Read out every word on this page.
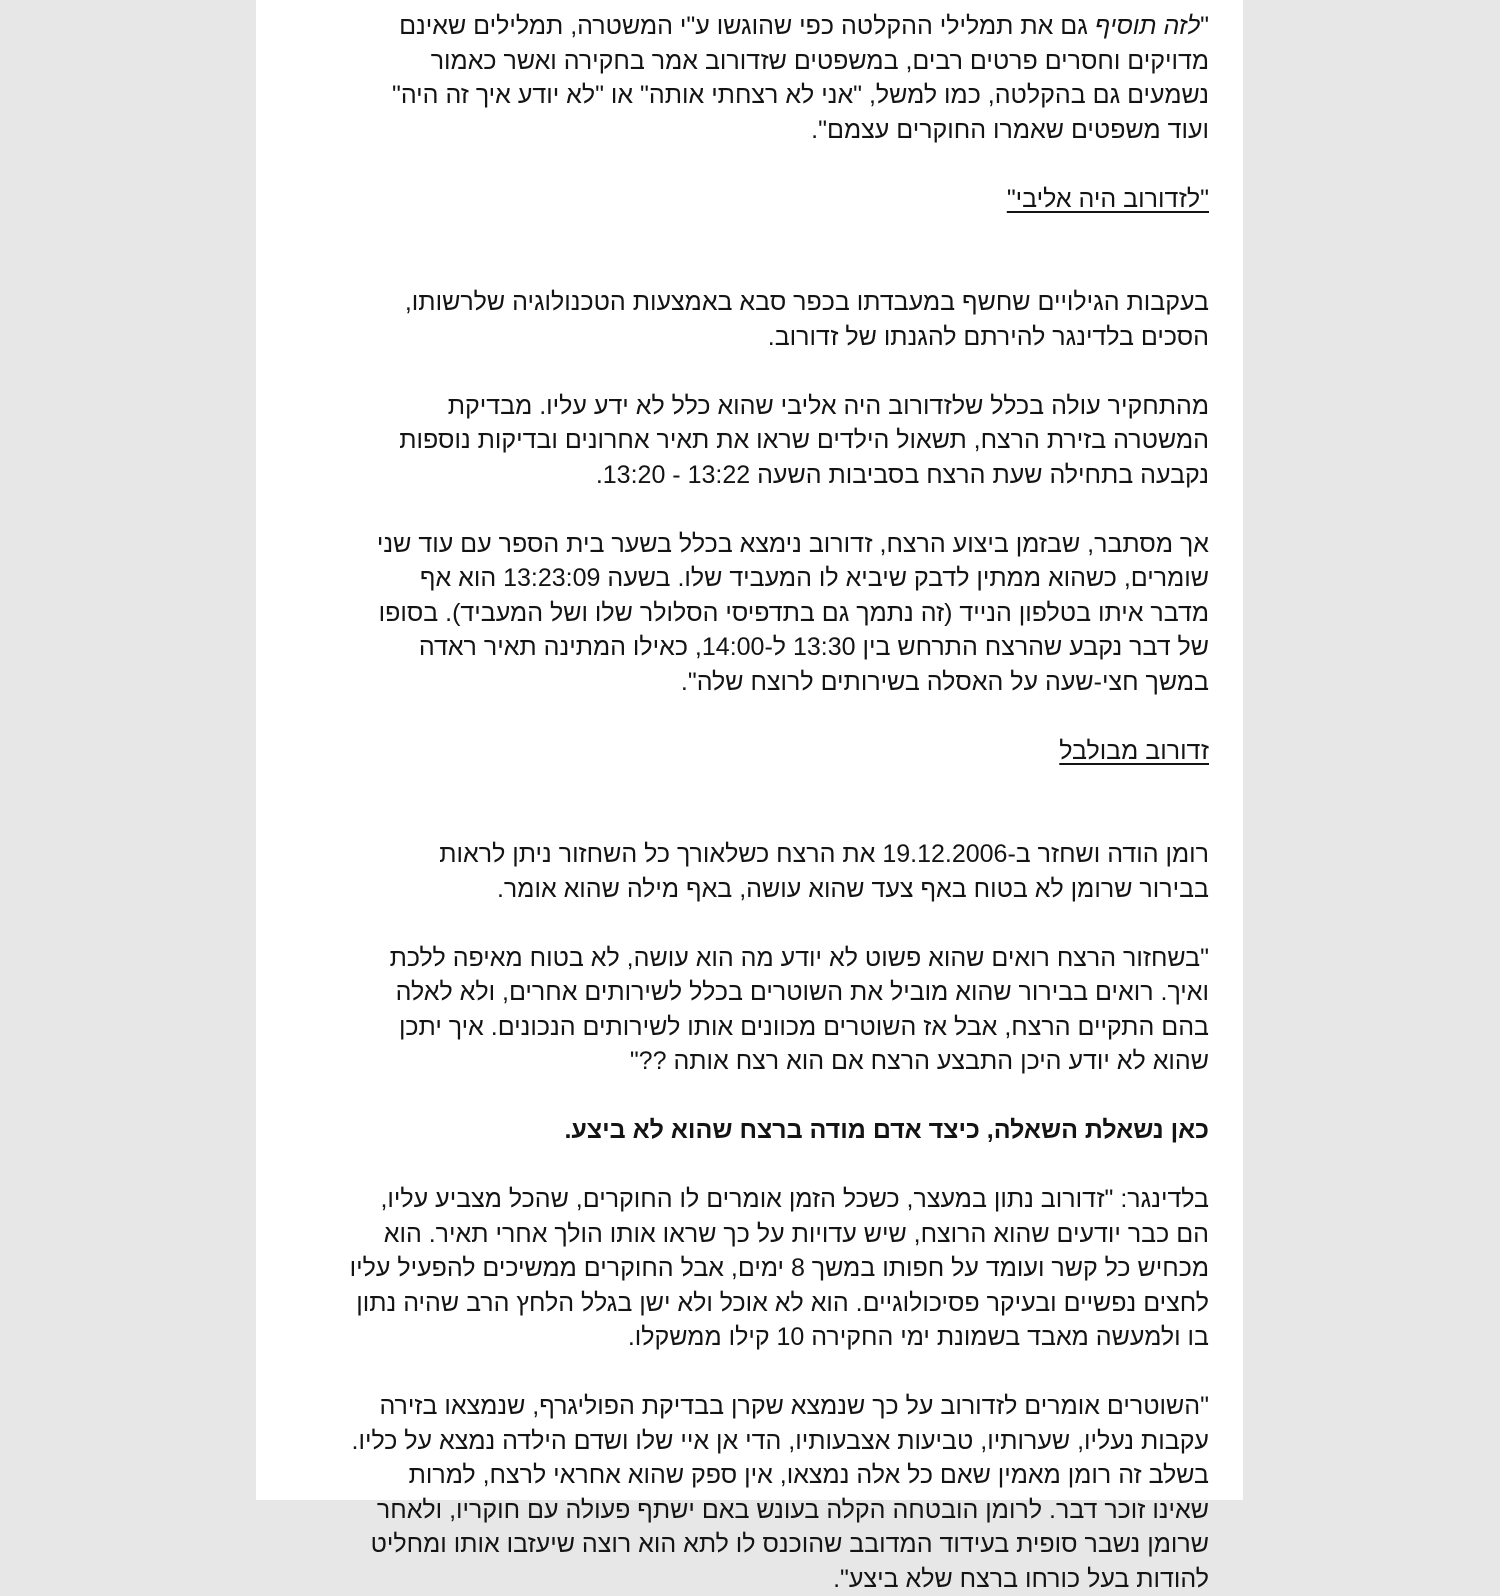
"לזה תוסיף גם את תמלילי ההקלטה כפי שהוגשו ע"י המשטרה, תמלילים שאינם
מדויקים וחסרים פרטים רבים, במשפטים שזדורוב אמר בחקירה ואשר כאמור
נשמעים גם בהקלטה, כמו למשל, "אני לא רצחתי אותה" או "לא יודע איך זה היה"
ועוד משפטים שאמרו החוקרים עצמם".
"לזדורוב היה אליבי"
בעקבות הגילויים שחשף במעבדתו בכפר סבא באמצעות הטכנולוגיה שלרשותו,
הסכים בלדינגר להירתם להגנתו של זדורוב.
מהתחקיר עולה בכלל שלזדורוב היה אליבי שהוא כלל לא ידע עליו. מבדיקת
המשטרה בזירת הרצח, תשאול הילדים שראו את תאיר אחרונים ובדיקות נוספות
נקבעה בתחילה שעת הרצח בסביבות השעה 13:22 - 13:20.
אך מסתבר, שבזמן ביצוע הרצח, זדורוב נימצא בכלל בשער בית הספר עם עוד שני
שומרים, כשהוא ממתין לדבק שיביא לו המעביד שלו. בשעה 13:23:09 הוא אף
מדבר איתו בטלפון הנייד (זה נתמך גם בתדפיסי הסלולר שלו ושל המעביד). בסופו
של דבר נקבע שהרצח התרחש בין 13:30 ל-14:00, כאילו המתינה תאיר ראדה
במשך חצי-שעה על האסלה בשירותים לרוצח שלה".
זדורוב מבולבל
רומן הודה ושחזר ב-19.12.2006 את הרצח כשלאורך כל השחזור ניתן לראות
בבירור שרומן לא בטוח באף צעד שהוא עושה, באף מילה שהוא אומר.
"בשחזור הרצח רואים שהוא פשוט לא יודע מה הוא עושה, לא בטוח מאיפה ללכת
ואיך. רואים בבירור שהוא מוביל את השוטרים בכלל לשירותים אחרים, ולא לאלה
בהם התקיים הרצח, אבל אז השוטרים מכוונים אותו לשירותים הנכונים. איך יתכן
שהוא לא יודע היכן התבצע הרצח אם הוא רצח אותה ??"
כאן נשאלת השאלה, כיצד אדם מודה ברצח שהוא לא ביצע.
בלדינגר: "זדורוב נתון במעצר, כשכל הזמן אומרים לו החוקרים, שהכל מצביע עליו,
הם כבר יודעים שהוא הרוצח, שיש עדויות על כך שראו אותו הולך אחרי תאיר. הוא
מכחיש כל קשר ועומד על חפותו במשך 8 ימים, אבל החוקרים ממשיכים להפעיל עליו
לחצים נפשיים ובעיקר פסיכולוגיים. הוא לא אוכל ולא ישן בגלל הלחץ הרב שהיה נתון
בו ולמעשה מאבד בשמונת ימי החקירה 10 קילו ממשקלו.
"השוטרים אומרים לזדורוב על כך שנמצא שקרן בבדיקת הפוליגרף, שנמצאו בזירה
עקבות נעליו, שערותיו, טביעות אצבעותיו, הדי אן איי שלו ושדם הילדה נמצא על כליו.
בשלב זה רומן מאמין שאם כל אלה נמצאו, אין ספק שהוא אחראי לרצח, למרות
שאינו זוכר דבר. לרומן הובטחה הקלה בעונש באם ישתף פעולה עם חוקריו, ולאחר
שרומן נשבר סופית בעידוד המדובב שהוכנס לו לתא הוא רוצה שיעזבו אותו ומחליט
להודות בעל כורחו ברצח שלא ביצע".
